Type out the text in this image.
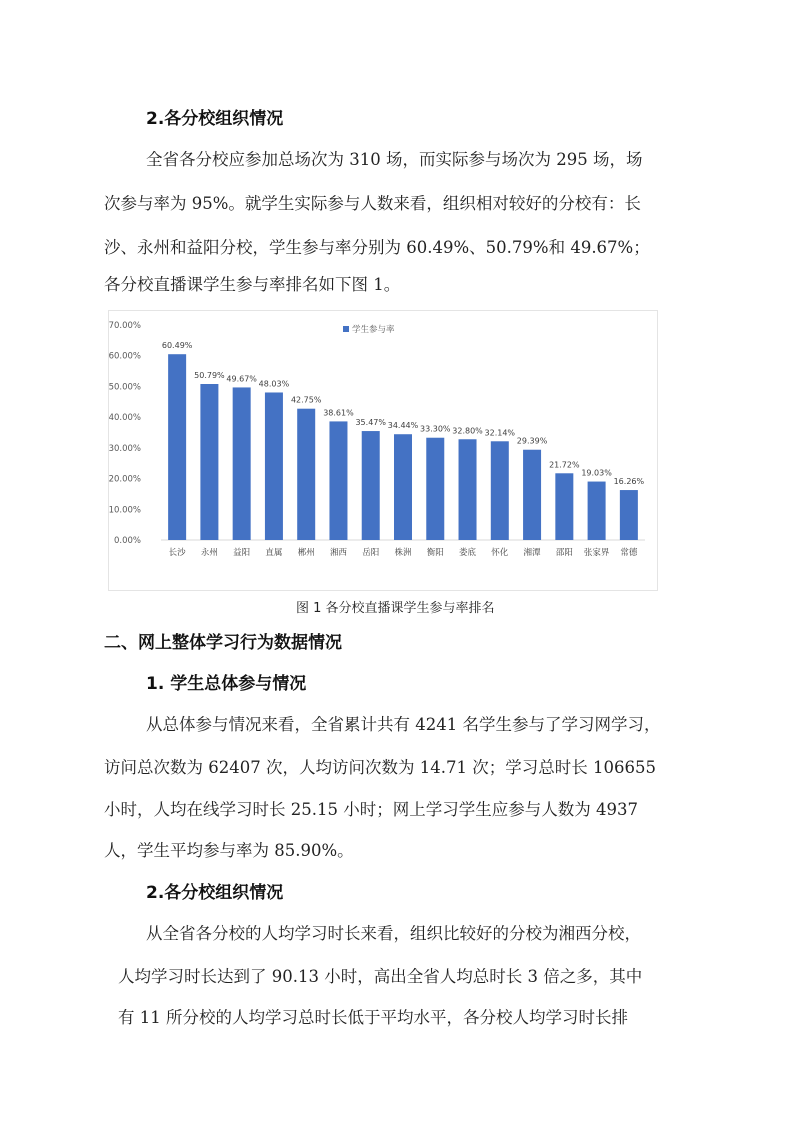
2.各分校组织情况
全省各分校应参加总场次为 310 场，而实际参与场次为 295 场，场
次参与率为 95%。就学生实际参与人数来看，组织相对较好的分校有：长
沙、永州和益阳分校，学生参与率分别为 60.49%、50.79%和 49.67%；
各分校直播课学生参与率排名如下图 1。
0.00%
10.00%
20.00%
30.00%
40.00%
50.00%
60.00%
70.00%	学生参与率
60.49%
长沙
50.79%
永州
49.67%
益阳
48.03%
直属
42.75%
郴州
38.61%
湘西
35.47%
岳阳
34.44%
株洲
33.30%
衡阳
32.80%
娄底
32.14%
怀化
29.39%
湘潭
21.72%
邵阳
19.03%
张家界
16.26%
常德
图 1 各分校直播课学生参与率排名
二、网上整体学习行为数据情况
1. 学生总体参与情况
从总体参与情况来看，全省累计共有 4241 名学生参与了学习网学习，
访问总次数为 62407 次，人均访问次数为 14.71 次；学习总时长 106655
小时，人均在线学习时长 25.15 小时；网上学习学生应参与人数为 4937
人，学生平均参与率为 85.90%。
2.各分校组织情况
从全省各分校的人均学习时长来看，组织比较好的分校为湘西分校，
人均学习时长达到了 90.13 小时，高出全省人均总时长 3 倍之多，其中
有 11 所分校的人均学习总时长低于平均水平，各分校人均学习时长排
